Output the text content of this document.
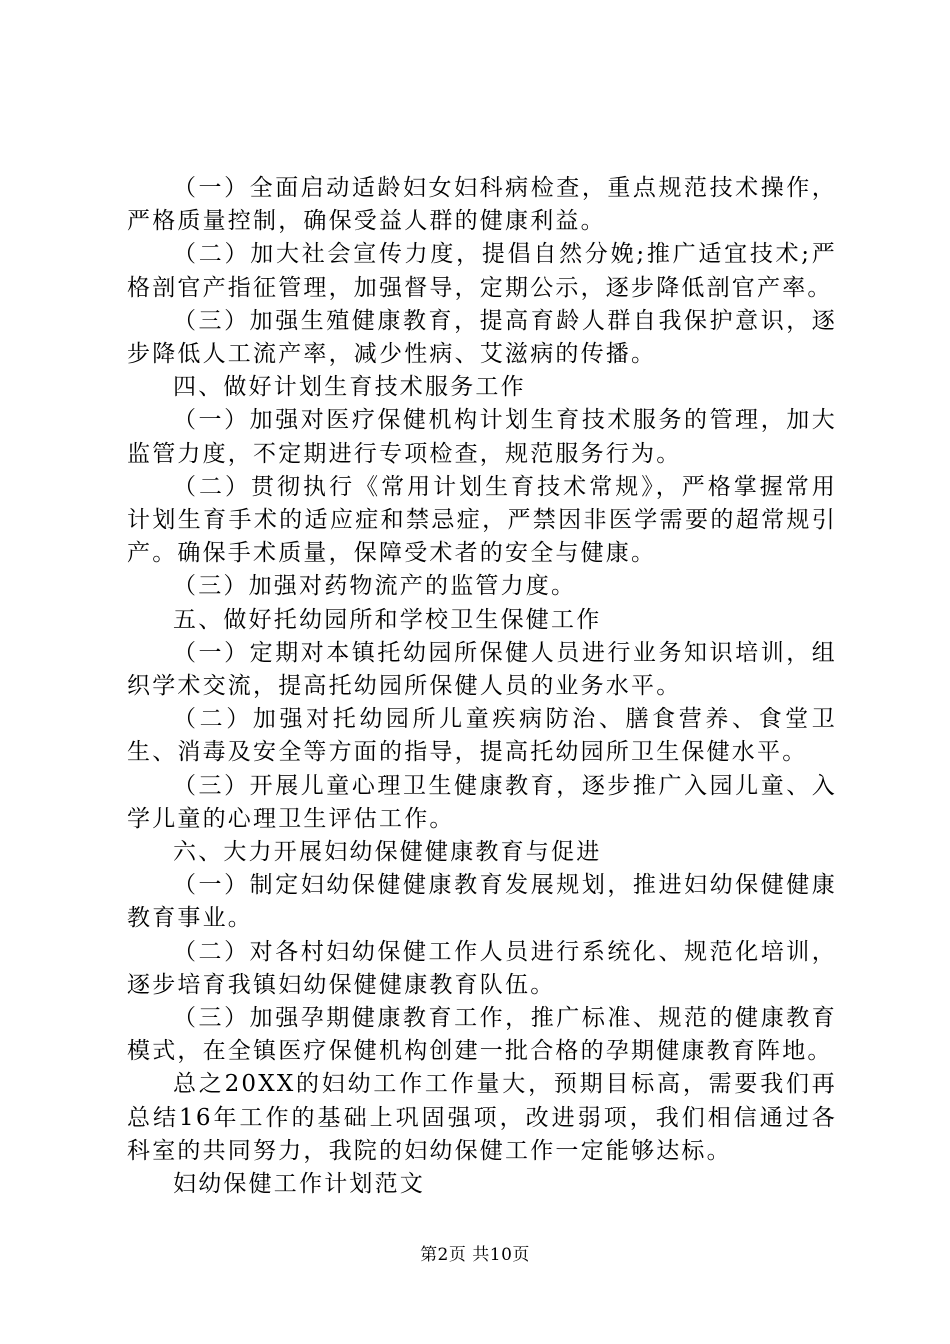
（一）全面启动适龄妇女妇科病检查，重点规范技术操作，严格质量控制，确保受益人群的健康利益。

（二）加大社会宣传力度，提倡自然分娩;推广适宜技术;严格剖官产指征管理，加强督导，定期公示，逐步降低剖官产率。

（三）加强生殖健康教育，提高育龄人群自我保护意识，逐步降低人工流产率，减少性病、艾滋病的传播。

四、做好计划生育技术服务工作

（一）加强对医疗保健机构计划生育技术服务的管理，加大监管力度，不定期进行专项检查，规范服务行为。

（二）贯彻执行《常用计划生育技术常规》，严格掌握常用计划生育手术的适应症和禁忌症，严禁因非医学需要的超常规引产。确保手术质量，保障受术者的安全与健康。

（三）加强对药物流产的监管力度。

五、做好托幼园所和学校卫生保健工作

（一）定期对本镇托幼园所保健人员进行业务知识培训，组织学术交流，提高托幼园所保健人员的业务水平。

（二）加强对托幼园所儿童疾病防治、膳食营养、食堂卫生、消毒及安全等方面的指导，提高托幼园所卫生保健水平。

（三）开展儿童心理卫生健康教育，逐步推广入园儿童、入学儿童的心理卫生评估工作。

六、大力开展妇幼保健健康教育与促进

（一）制定妇幼保健健康教育发展规划，推进妇幼保健健康教育事业。

（二）对各村妇幼保健工作人员进行系统化、规范化培训，逐步培育我镇妇幼保健健康教育队伍。

（三）加强孕期健康教育工作，推广标准、规范的健康教育模式，在全镇医疗保健机构创建一批合格的孕期健康教育阵地。

总之20XX的妇幼工作工作量大，预期目标高，需要我们再总结16年工作的基础上巩固强项，改进弱项，我们相信通过各科室的共同努力，我院的妇幼保健工作一定能够达标。

妇幼保健工作计划范文

第2页 共10页
